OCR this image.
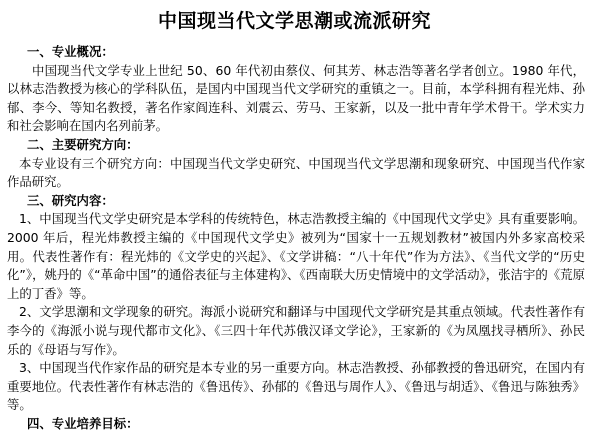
中国现当代文学思潮或流派研究
一、专业概况：

中国现当代文学专业上世纪 50、60 年代初由蔡仪、何其芳、林志浩等著名学者创立。1980 年代，以林志浩教授为核心的学科队伍，是国内中国现当代文学研究的重镇之一。目前，本学科拥有程光炜、孙郁、李今、等知名教授，著名作家阎连科、刘震云、劳马、王家新，以及一批中青年学术骨干。学术实力和社会影响在国内名列前茅。

二、主要研究方向：

本专业设有三个研究方向：中国现当代文学史研究、中国现当代文学思潮和现象研究、中国现当代作家作品研究。

三、研究内容：

1、中国现当代文学史研究是本学科的传统特色，林志浩教授主编的《中国现代文学史》具有重要影响。2000 年后，程光炜教授主编的《中国现代文学史》被列为“国家十一五规划教材”被国内外多家高校采用。代表性著作有：程光炜的《文学史的兴起》、《文学讲稿：“八十年代”作为方法》、《当代文学的“历史化”》，姚丹的《“革命中国”的通俗表征与主体建构》、《西南联大历史情境中的文学活动》，张洁宇的《荒原上的丁香》等。

2、文学思潮和文学现象的研究。海派小说研究和翻译与中国现代文学研究是其重点领域。代表性著作有李今的《海派小说与现代都市文化》、《三四十年代苏俄汉译文学论》，王家新的《为凤凰找寻栖所》、孙民乐的《母语与写作》。

3、中国现当代作家作品的研究是本专业的另一重要方向。林志浩教授、孙郁教授的鲁迅研究，在国内有重要地位。代表性著作有林志浩的《鲁迅传》、孙郁的《鲁迅与周作人》、《鲁迅与胡适》、《鲁迅与陈独秀》等。

四、专业培养目标：
